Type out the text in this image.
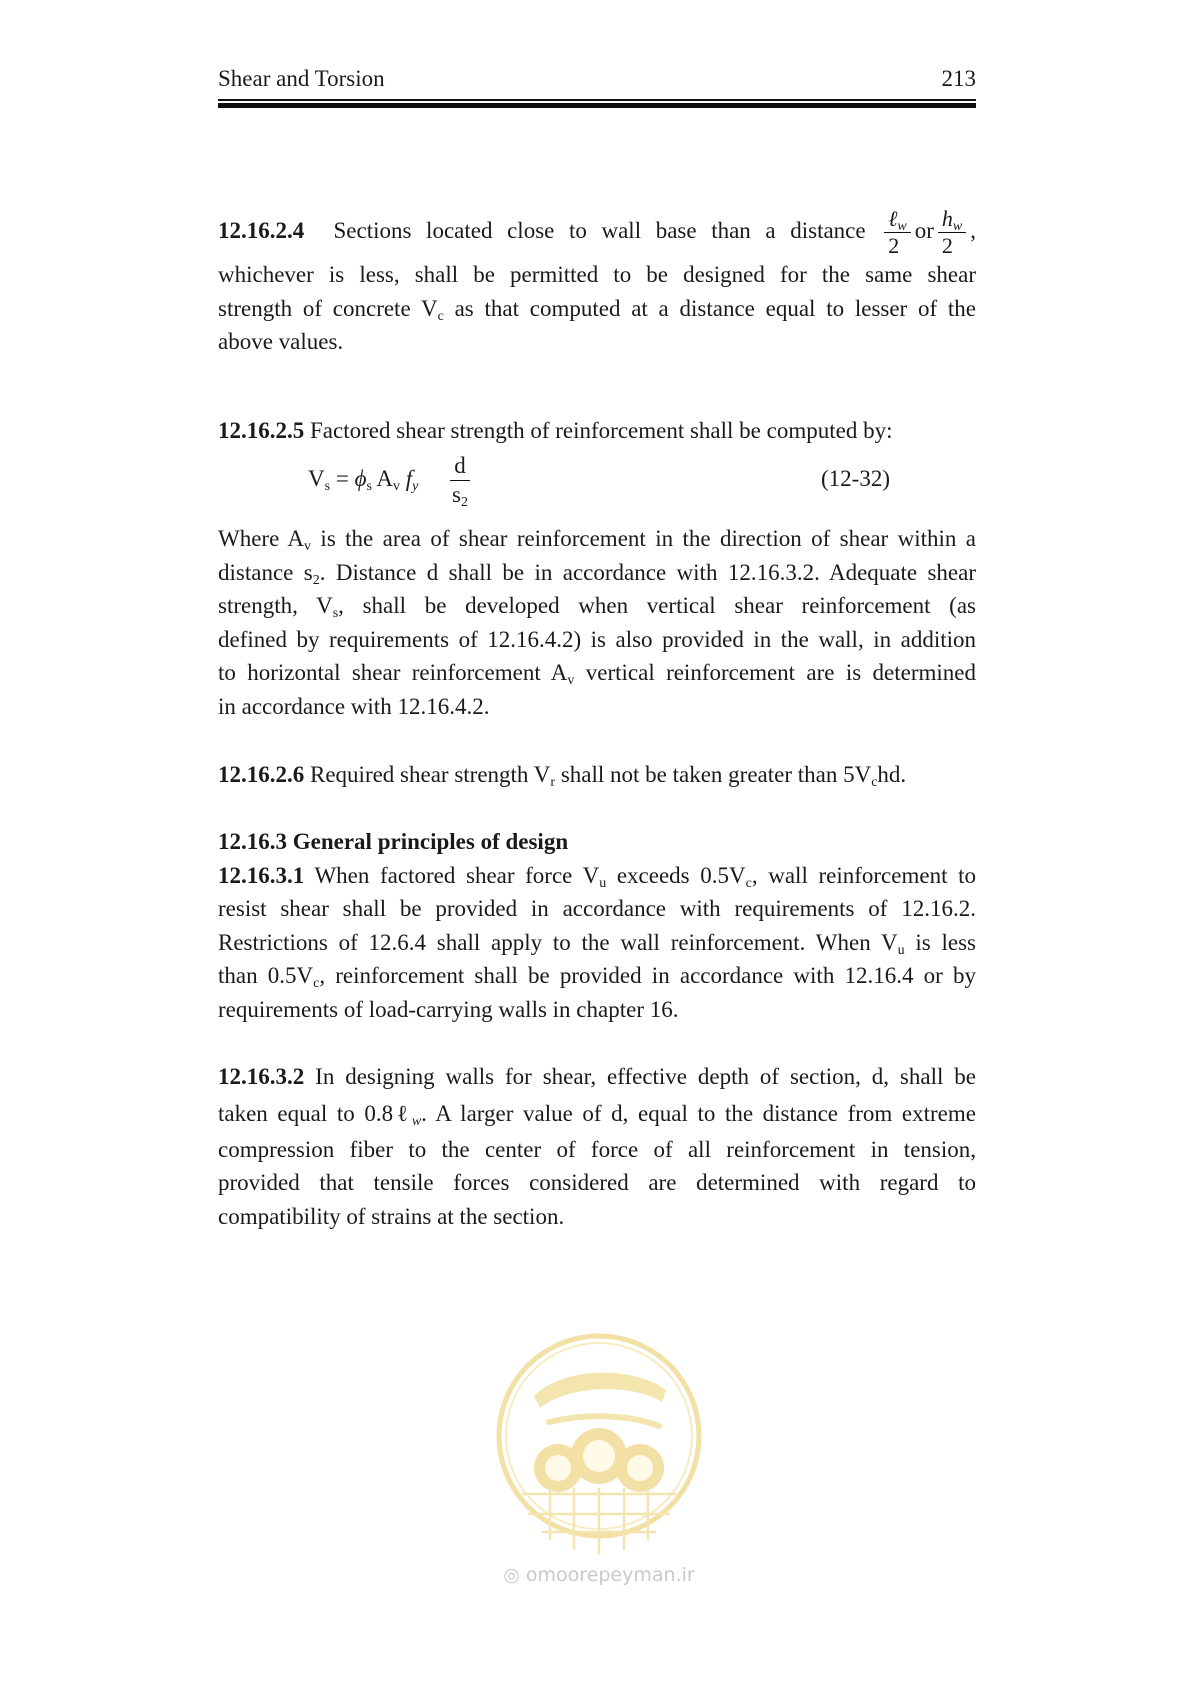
Shear and Torsion	213
12.16.2.4 Sections located close to wall base than a distance $\frac{\ell_w}{2}$ or $\frac{h_w}{2}$ ,
whichever is less, shall be permitted to be designed for the same shear
strength of concrete $V_c$ as that computed at a distance equal to lesser of the
above values.
12.16.2.5 Factored shear strength of reinforcement shall be computed by:
$V_s = \phi_s$ $A_v$ $f_y \frac{d}{s_2}$	(12-32)
Where $A_v$ is the area of shear reinforcement in the direction of shear within a
distance $s_2$. Distance d shall be in accordance with 12.16.3.2. Adequate shear
strength, $V_s$, shall be developed when vertical shear reinforcement (as
defined by requirements of 12.16.4.2) is also provided in the wall, in addition
to horizontal shear reinforcement $A_v$ vertical reinforcement are is determined
in accordance with 12.16.4.2.
12.16.2.6 Required shear strength $V_r$ shall not be taken greater than $5V_chd$.
12.16.3 General principles of design
12.16.3.1 When factored shear force $V_u$ exceeds $0.5V_c$, wall reinforcement to
resist shear shall be provided in accordance with requirements of 12.16.2.
Restrictions of 12.6.4 shall apply to the wall reinforcement. When $V_u$ is less
than $0.5V_c$, reinforcement shall be provided in accordance with 12.16.4 or by
requirements of load-carrying walls in chapter 16.
12.16.3.2 In designing walls for shear, effective depth of section, d, shall be
taken equal to 0.8ℓ$_w$. A larger value of d, equal to the distance from extreme
compression fiber to the center of force of all reinforcement in tension,
provided that tensile forces considered are determined with regard to
compatibility of strains at the section.
◎ omoorepeyman.ir
